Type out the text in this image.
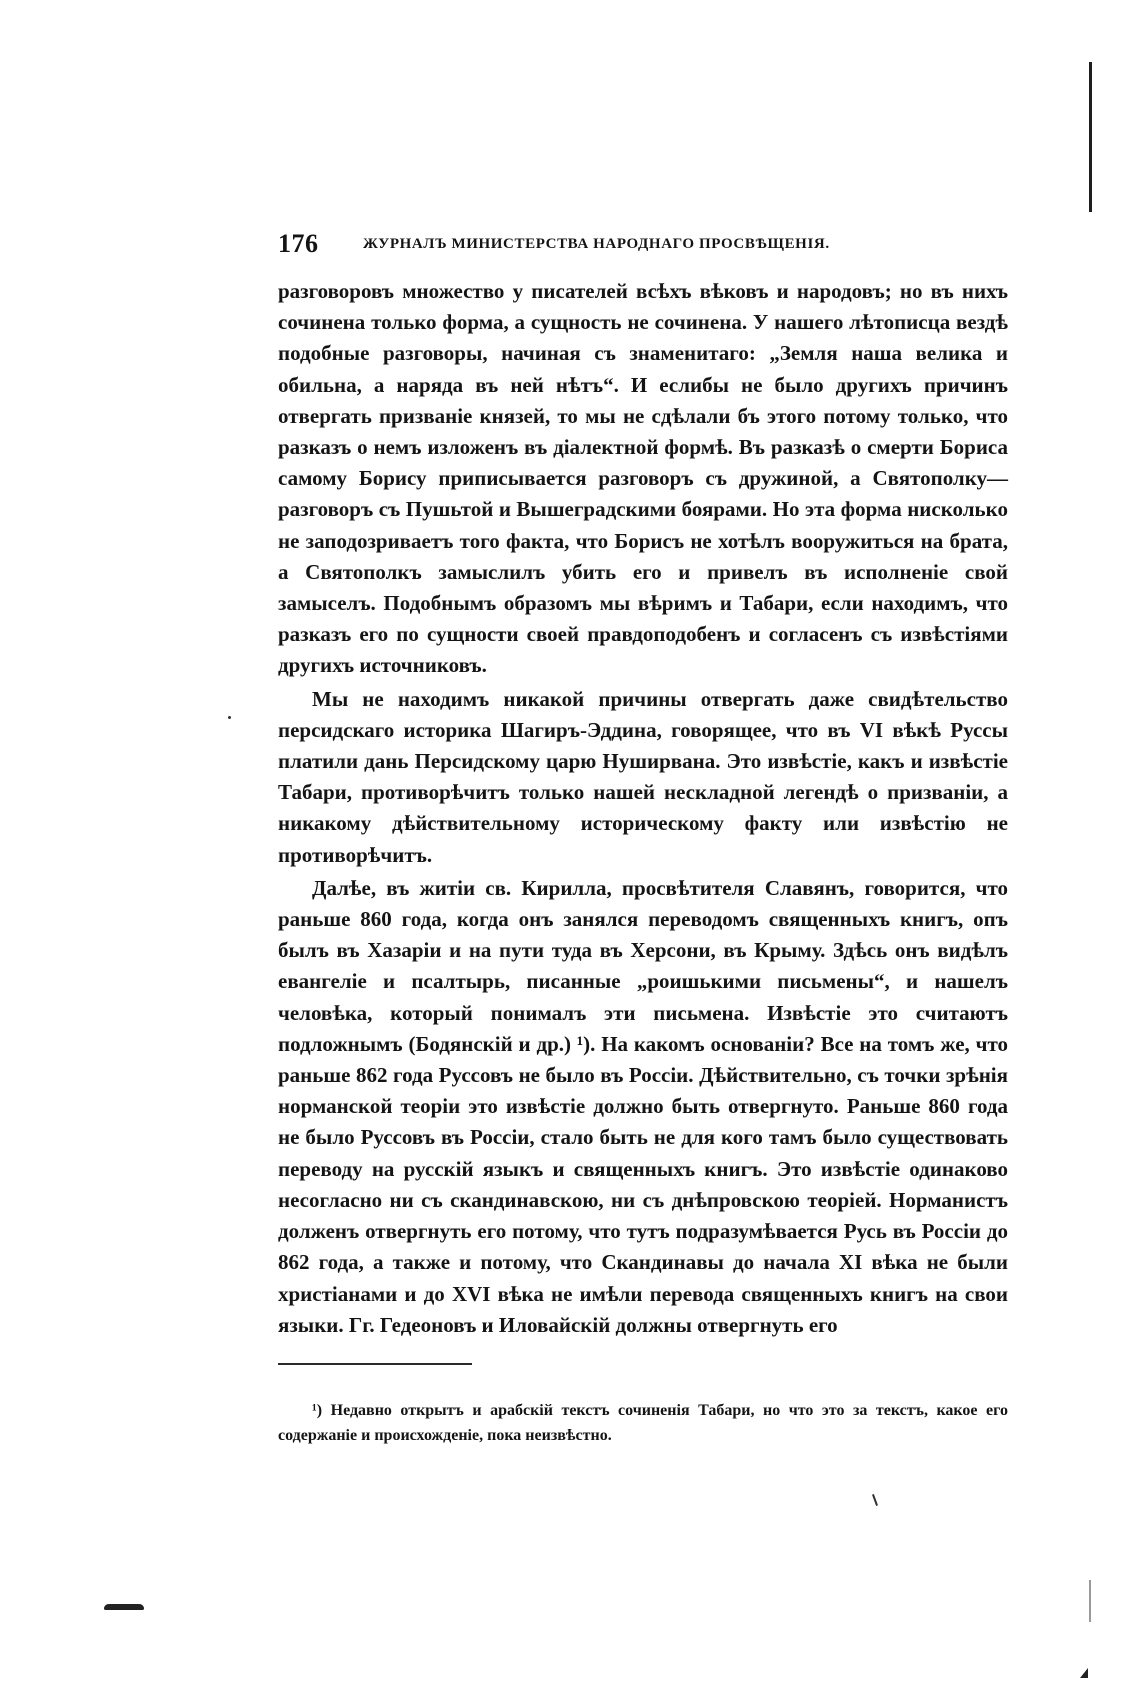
176	ЖУРНАЛЪ МИНИСТЕРСТВА НАРОДНАГО ПРОСВѢЩЕНІЯ.

разговоровъ множество у писателей всѣхъ вѣковъ и народовъ; но въ нихъ сочинена только форма, а сущность не сочинена. У нашего лѣтописца вездѣ подобные разговоры, начиная съ знаменитаго: „Земля наша велика и обильна, а наряда въ ней нѣтъ“. И еслибы не было другихъ причинъ отвергать призваніе князей, то мы не сдѣлали бъ этого потому только, что разказъ о немъ изложенъ въ діалектной формѣ. Въ разказѣ о смерти Бориса самому Борису приписывается разговоръ съ дружиной, а Святополку—разговоръ съ Пушьтой и Вышеградскими боярами. Но эта форма нисколько не заподозриваетъ того факта, что Борисъ не хотѣлъ вооружиться на брата, а Святополкъ замыслилъ убить его и привелъ въ исполненіе свой замыселъ. Подобнымъ образомъ мы вѣримъ и Табари, если находимъ, что разказъ его по сущности своей правдоподобенъ и согласенъ съ извѣстіями другихъ источниковъ.

Мы не находимъ никакой причины отвергать даже свидѣтельство персидскаго историка Шагиръ-Эддина, говорящее, что въ VI вѣкѣ Руссы платили дань Персидскому царю Нуширвана. Это извѣстіе, какъ и извѣстіе Табари, противорѣчитъ только нашей нескладной легендѣ о призваніи, а никакому дѣйствительному историческому факту или извѣстію не противорѣчитъ.

Далѣе, въ житіи св. Кирилла, просвѣтителя Славянъ, говорится, что раньше 860 года, когда онъ занялся переводомъ священныхъ книгъ, опъ былъ въ Хазаріи и на пути туда въ Херсони, въ Крыму. Здѣсь онъ видѣлъ евангеліе и псалтырь, писанные „роишькими письмены“, и нашелъ человѣка, который понималъ эти письмена. Извѣстіе это считаютъ подложнымъ (Бодянскій и др.) ¹). На какомъ основаніи? Все на томъ же, что раньше 862 года Руссовъ не было въ Россіи. Дѣйствительно, съ точки зрѣнія норманской теоріи это извѣстіе должно быть отвергнуто. Раньше 860 года не было Руссовъ въ Россіи, стало быть не для кого тамъ было существовать переводу на русскій языкъ и священныхъ книгъ. Это извѣстіе одинаково несогласно ни съ скандинавскою, ни съ днѣпровскою теоріей. Норманистъ долженъ отвергнуть его потому, что тутъ подразумѣвается Русь въ Россіи до 862 года, а также и потому, что Скандинавы до начала XI вѣка не были христіанами и до XVI вѣка не имѣли перевода священныхъ книгъ на свои языки. Гг. Гедеоновъ и Иловайскій должны отвергнуть его

¹) Недавно открытъ и арабскій текстъ сочиненія Табари, но что это за текстъ, какое его содержаніе и происхожденіе, пока неизвѣстно.
